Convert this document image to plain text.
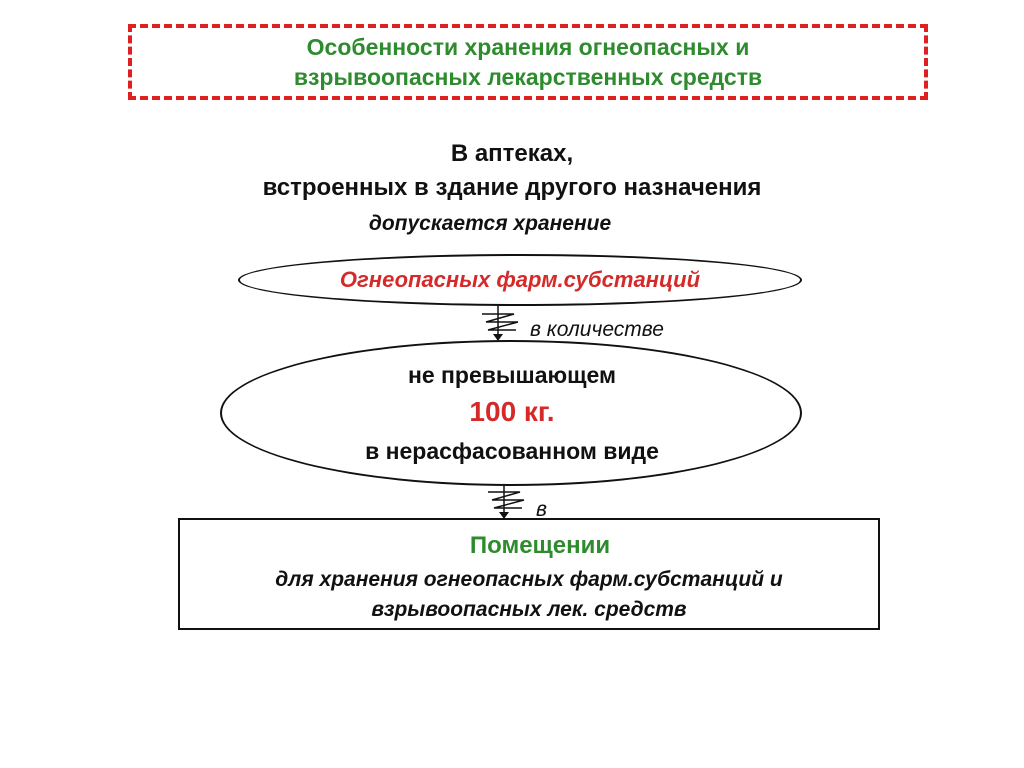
Особенности хранения огнеопасных и
взрывоопасных лекарственных средств
В аптеках,
встроенных в здание другого назначения
допускается хранение
Огнеопасных фарм.субстанций
в количестве
не превышающем
100 кг.
в нерасфасованном виде
в
Помещении
для хранения огнеопасных фарм.субстанций и
взрывоопасных лек. средств
